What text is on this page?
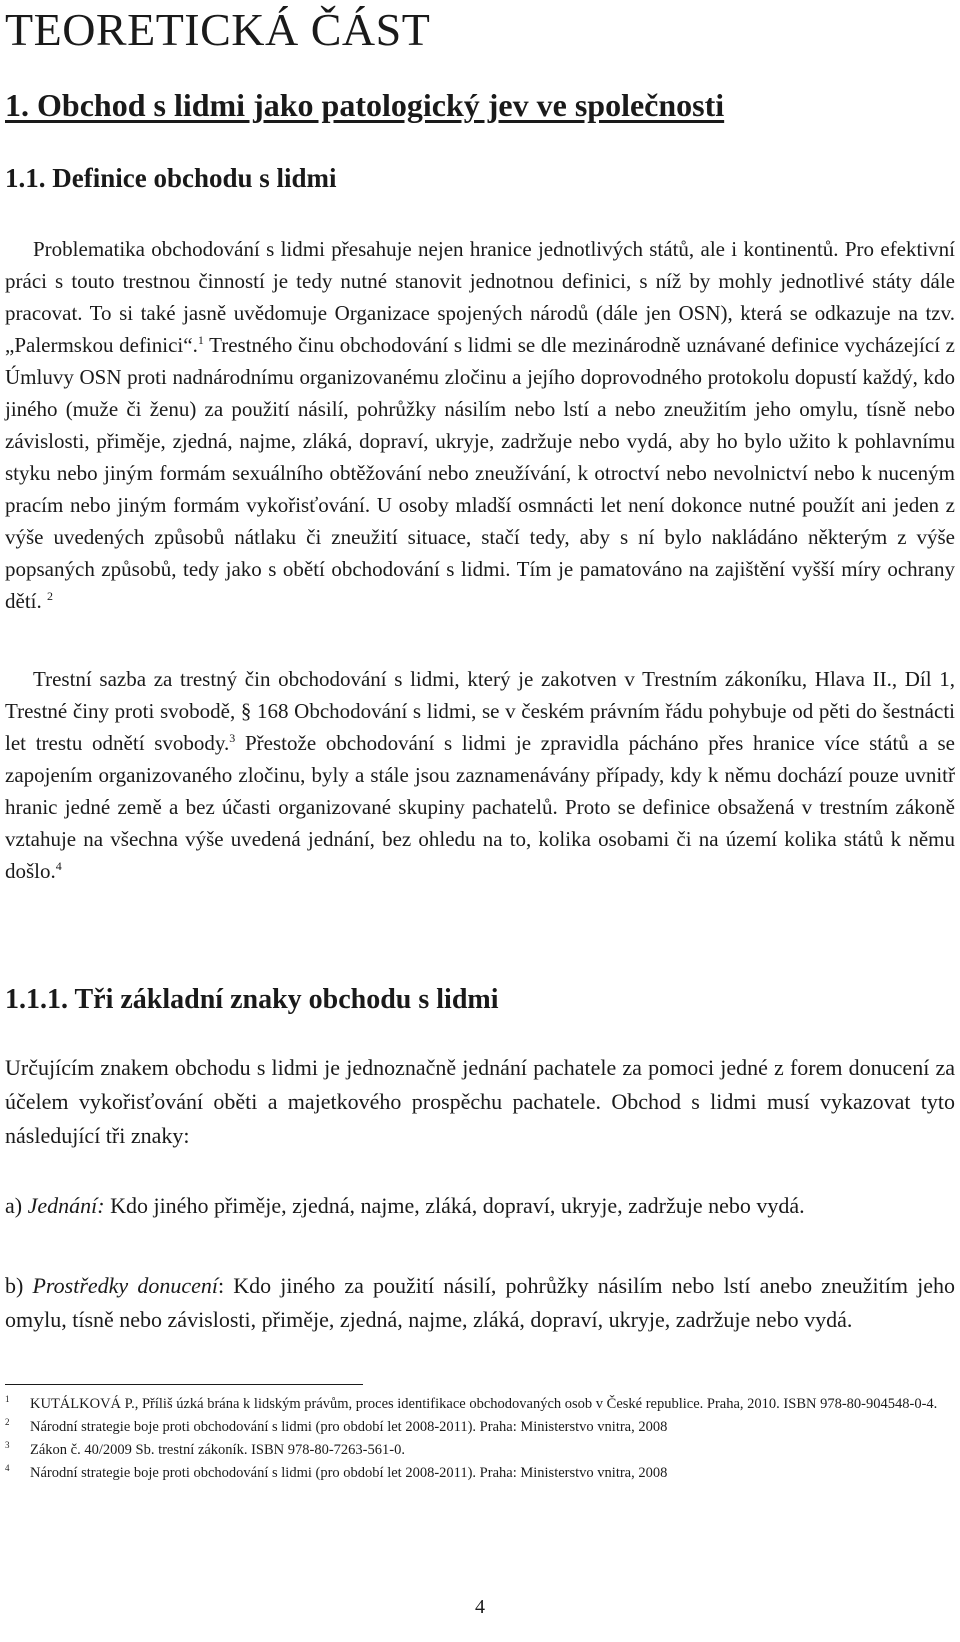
TEORETICKÁ ČÁST
1. Obchod s lidmi jako patologický jev ve společnosti
1.1. Definice obchodu s lidmi

Problematika obchodování s lidmi přesahuje nejen hranice jednotlivých států, ale i kontinentů. Pro efektivní práci s touto trestnou činností je tedy nutné stanovit jednotnou definici, s níž by mohly jednotlivé státy dále pracovat. To si také jasně uvědomuje Organizace spojených národů (dále jen OSN), která se odkazuje na tzv. „Palermskou definici“.$^1$ Trestného činu obchodování s lidmi se dle mezinárodně uznávané definice vycházející z Úmluvy OSN proti nadnárodnímu organizovanému zločinu a jejího doprovodného protokolu dopustí každý, kdo jiného (muže či ženu) za použití násilí, pohrůžky násilím nebo lstí a nebo zneužitím jeho omylu, tísně nebo závislosti, přiměje, zjedná, najme, zláká, dopraví, ukryje, zadržuje nebo vydá, aby ho bylo užito k pohlavnímu styku nebo jiným formám sexuálního obtěžování nebo zneužívání, k otroctví nebo nevolnictví nebo k nuceným pracím nebo jiným formám vykořisťování. U osoby mladší osmnácti let není dokonce nutné použít ani jeden z výše uvedených způsobů nátlaku či zneužití situace, stačí tedy, aby s ní bylo nakládáno některým z výše popsaných způsobů, tedy jako s obětí obchodování s lidmi. Tím je pamatováno na zajištění vyšší míry ochrany dětí. $^2$

Trestní sazba za trestný čin obchodování s lidmi, který je zakotven v Trestním zákoníku, Hlava II., Díl 1, Trestné činy proti svobodě, § 168 Obchodování s lidmi, se v českém právním řádu pohybuje od pěti do šestnácti let trestu odnětí svobody.$^3$ Přestože obchodování s lidmi je zpravidla pácháno přes hranice více států a se zapojením organizovaného zločinu, byly a stále jsou zaznamenávány případy, kdy k němu dochází pouze uvnitř hranic jedné země a bez účasti organizované skupiny pachatelů. Proto se definice obsažená v trestním zákoně vztahuje na všechna výše uvedená jednání, bez ohledu na to, kolika osobami či na území kolika států k němu došlo.$^4$

1.1.1. Tři základní znaky obchodu s lidmi

Určujícím znakem obchodu s lidmi je jednoznačně jednání pachatele za pomoci jedné z forem donucení za účelem vykořisťování oběti a majetkového prospěchu pachatele. Obchod s lidmi musí vykazovat tyto následující tři znaky:

a) Jednání: Kdo jiného přiměje, zjedná, najme, zláká, dopraví, ukryje, zadržuje nebo vydá.

b) Prostředky donucení: Kdo jiného za použití násilí, pohrůžky násilím nebo lstí anebo zneužitím jeho omylu, tísně nebo závislosti, přiměje, zjedná, najme, zláká, dopraví, ukryje, zadržuje nebo vydá.

1	KUTÁLKOVÁ P., Příliš úzká brána k lidským právům, proces identifikace obchodovaných osob v České republice. Praha, 2010. ISBN 978-80-904548-0-4.
2	Národní strategie boje proti obchodování s lidmi (pro období let 2008-2011). Praha: Ministerstvo vnitra, 2008
3	Zákon č. 40/2009 Sb. trestní zákoník. ISBN 978-80-7263-561-0.
4	Národní strategie boje proti obchodování s lidmi (pro období let 2008-2011). Praha: Ministerstvo vnitra, 2008
4
